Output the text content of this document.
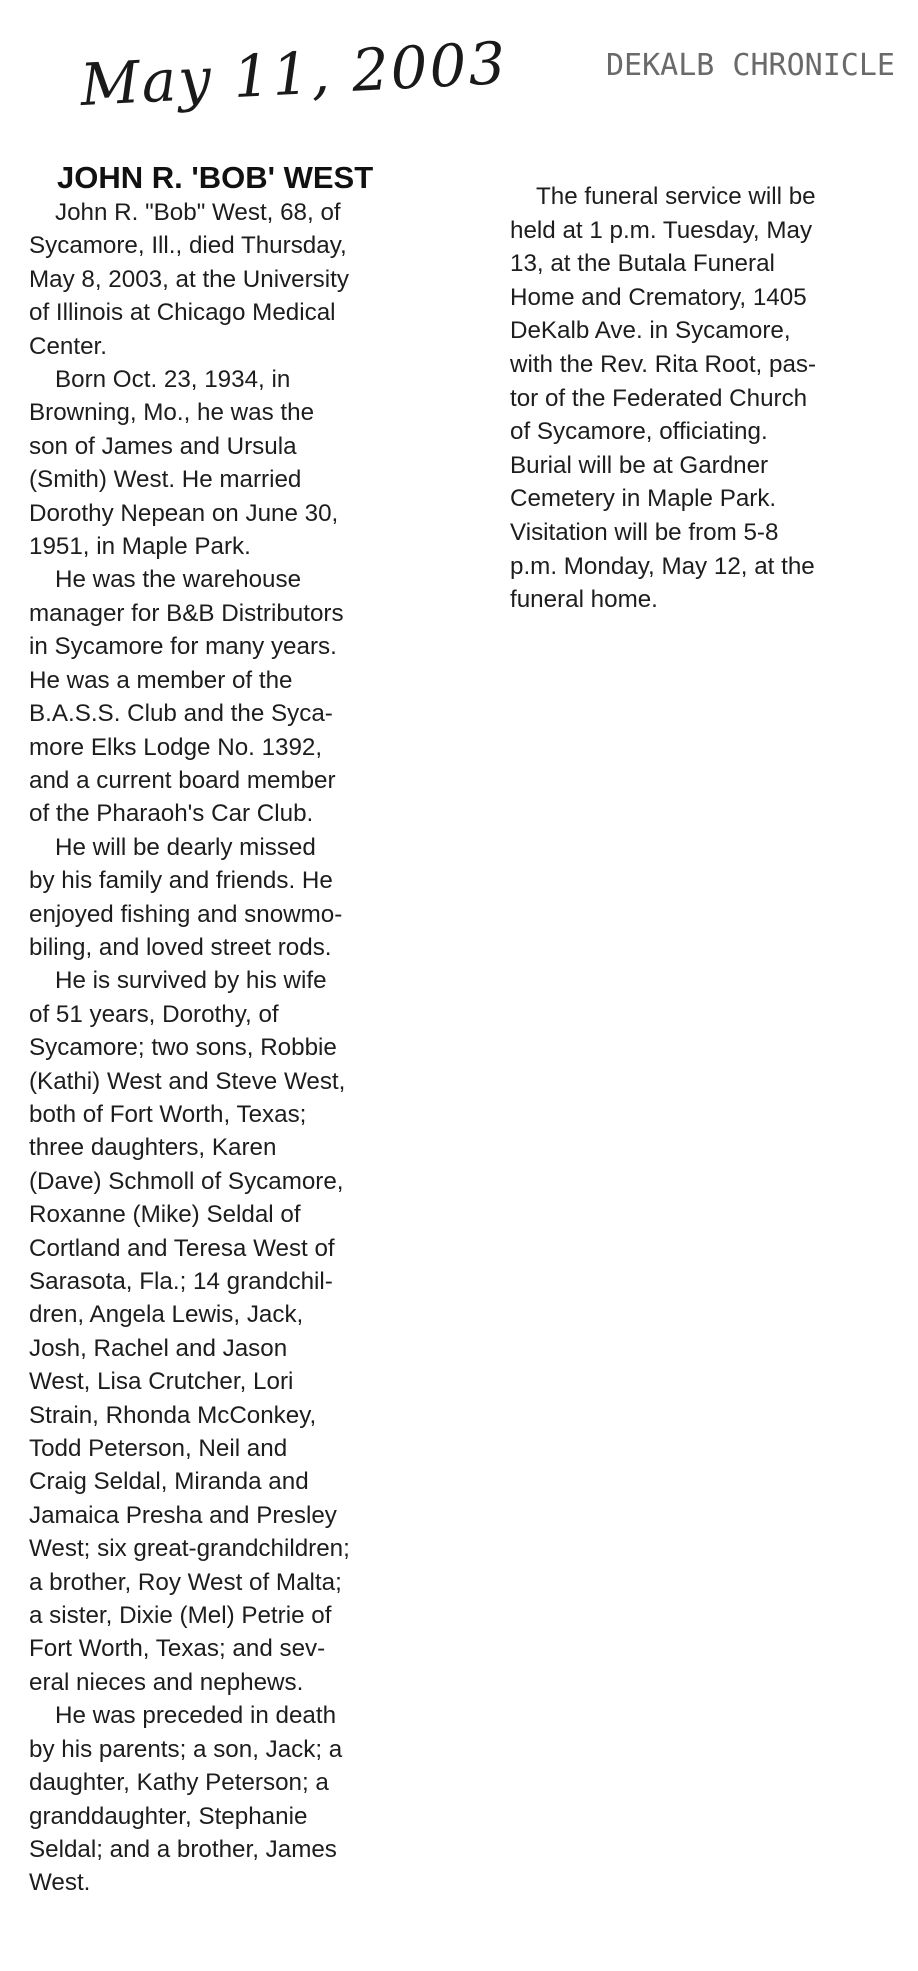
May 11, 2003	DEKALB CHRONICLE
JOHN R. 'BOB' WEST

John R. "Bob" West, 68, of
Sycamore, Ill., died Thursday,
May 8, 2003, at the University
of Illinois at Chicago Medical
Center.

Born Oct. 23, 1934, in
Browning, Mo., he was the
son of James and Ursula
(Smith) West. He married
Dorothy Nepean on June 30,
1951, in Maple Park.

He was the warehouse
manager for B&B Distributors
in Sycamore for many years.
He was a member of the
B.A.S.S. Club and the Syca-
more Elks Lodge No. 1392,
and a current board member
of the Pharaoh's Car Club.

He will be dearly missed
by his family and friends. He
enjoyed fishing and snowmo-
biling, and loved street rods.

He is survived by his wife
of 51 years, Dorothy, of
Sycamore; two sons, Robbie
(Kathi) West and Steve West,
both of Fort Worth, Texas;
three daughters, Karen
(Dave) Schmoll of Sycamore,
Roxanne (Mike) Seldal of
Cortland and Teresa West of
Sarasota, Fla.; 14 grandchil-
dren, Angela Lewis, Jack,
Josh, Rachel and Jason
West, Lisa Crutcher, Lori
Strain, Rhonda McConkey,
Todd Peterson, Neil and
Craig Seldal, Miranda and
Jamaica Presha and Presley
West; six great-grandchildren;
a brother, Roy West of Malta;
a sister, Dixie (Mel) Petrie of
Fort Worth, Texas; and sev-
eral nieces and nephews.

He was preceded in death
by his parents; a son, Jack; a
daughter, Kathy Peterson; a
granddaughter, Stephanie
Seldal; and a brother, James
West.

The funeral service will be
held at 1 p.m. Tuesday, May
13, at the Butala Funeral
Home and Crematory, 1405
DeKalb Ave. in Sycamore,
with the Rev. Rita Root, pas-
tor of the Federated Church
of Sycamore, officiating.
Burial will be at Gardner
Cemetery in Maple Park.
Visitation will be from 5-8
p.m. Monday, May 12, at the
funeral home.
